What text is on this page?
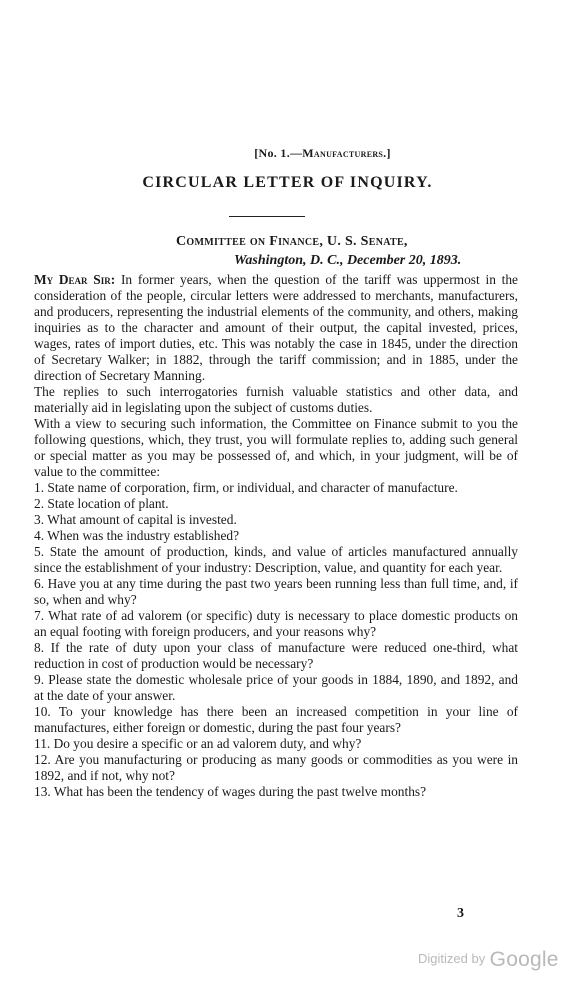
[No. 1.—Manufacturers.]
CIRCULAR LETTER OF INQUIRY.
Committee on Finance, U. S. Senate,
Washington, D. C., December 20, 1893.

My Dear Sir: In former years, when the question of the tariff was uppermost in the consideration of the people, circular letters were addressed to merchants, manufacturers, and producers, representing the industrial elements of the community, and others, making inquiries as to the character and amount of their output, the capital invested, prices, wages, rates of import duties, etc. This was notably the case in 1845, under the direction of Secretary Walker; in 1882, through the tariff commission; and in 1885, under the direction of Secretary Manning.

The replies to such interrogatories furnish valuable statistics and other data, and materially aid in legislating upon the subject of customs duties.

With a view to securing such information, the Committee on Finance submit to you the following questions, which, they trust, you will formulate replies to, adding such general or special matter as you may be possessed of, and which, in your judgment, will be of value to the committee:

1. State name of corporation, firm, or individual, and character of manufacture.

2. State location of plant.

3. What amount of capital is invested.

4. When was the industry established?

5. State the amount of production, kinds, and value of articles manufactured annually since the establishment of your industry: Description, value, and quantity for each year.

6. Have you at any time during the past two years been running less than full time, and, if so, when and why?

7. What rate of ad valorem (or specific) duty is necessary to place domestic products on an equal footing with foreign producers, and your reasons why?

8. If the rate of duty upon your class of manufacture were reduced one-third, what reduction in cost of production would be necessary?

9. Please state the domestic wholesale price of your goods in 1884, 1890, and 1892, and at the date of your answer.

10. To your knowledge has there been an increased competition in your line of manufactures, either foreign or domestic, during the past four years?

11. Do you desire a specific or an ad valorem duty, and why?

12. Are you manufacturing or producing as many goods or commodities as you were in 1892, and if not, why not?

13. What has been the tendency of wages during the past twelve months?

3
Digitized by Google
